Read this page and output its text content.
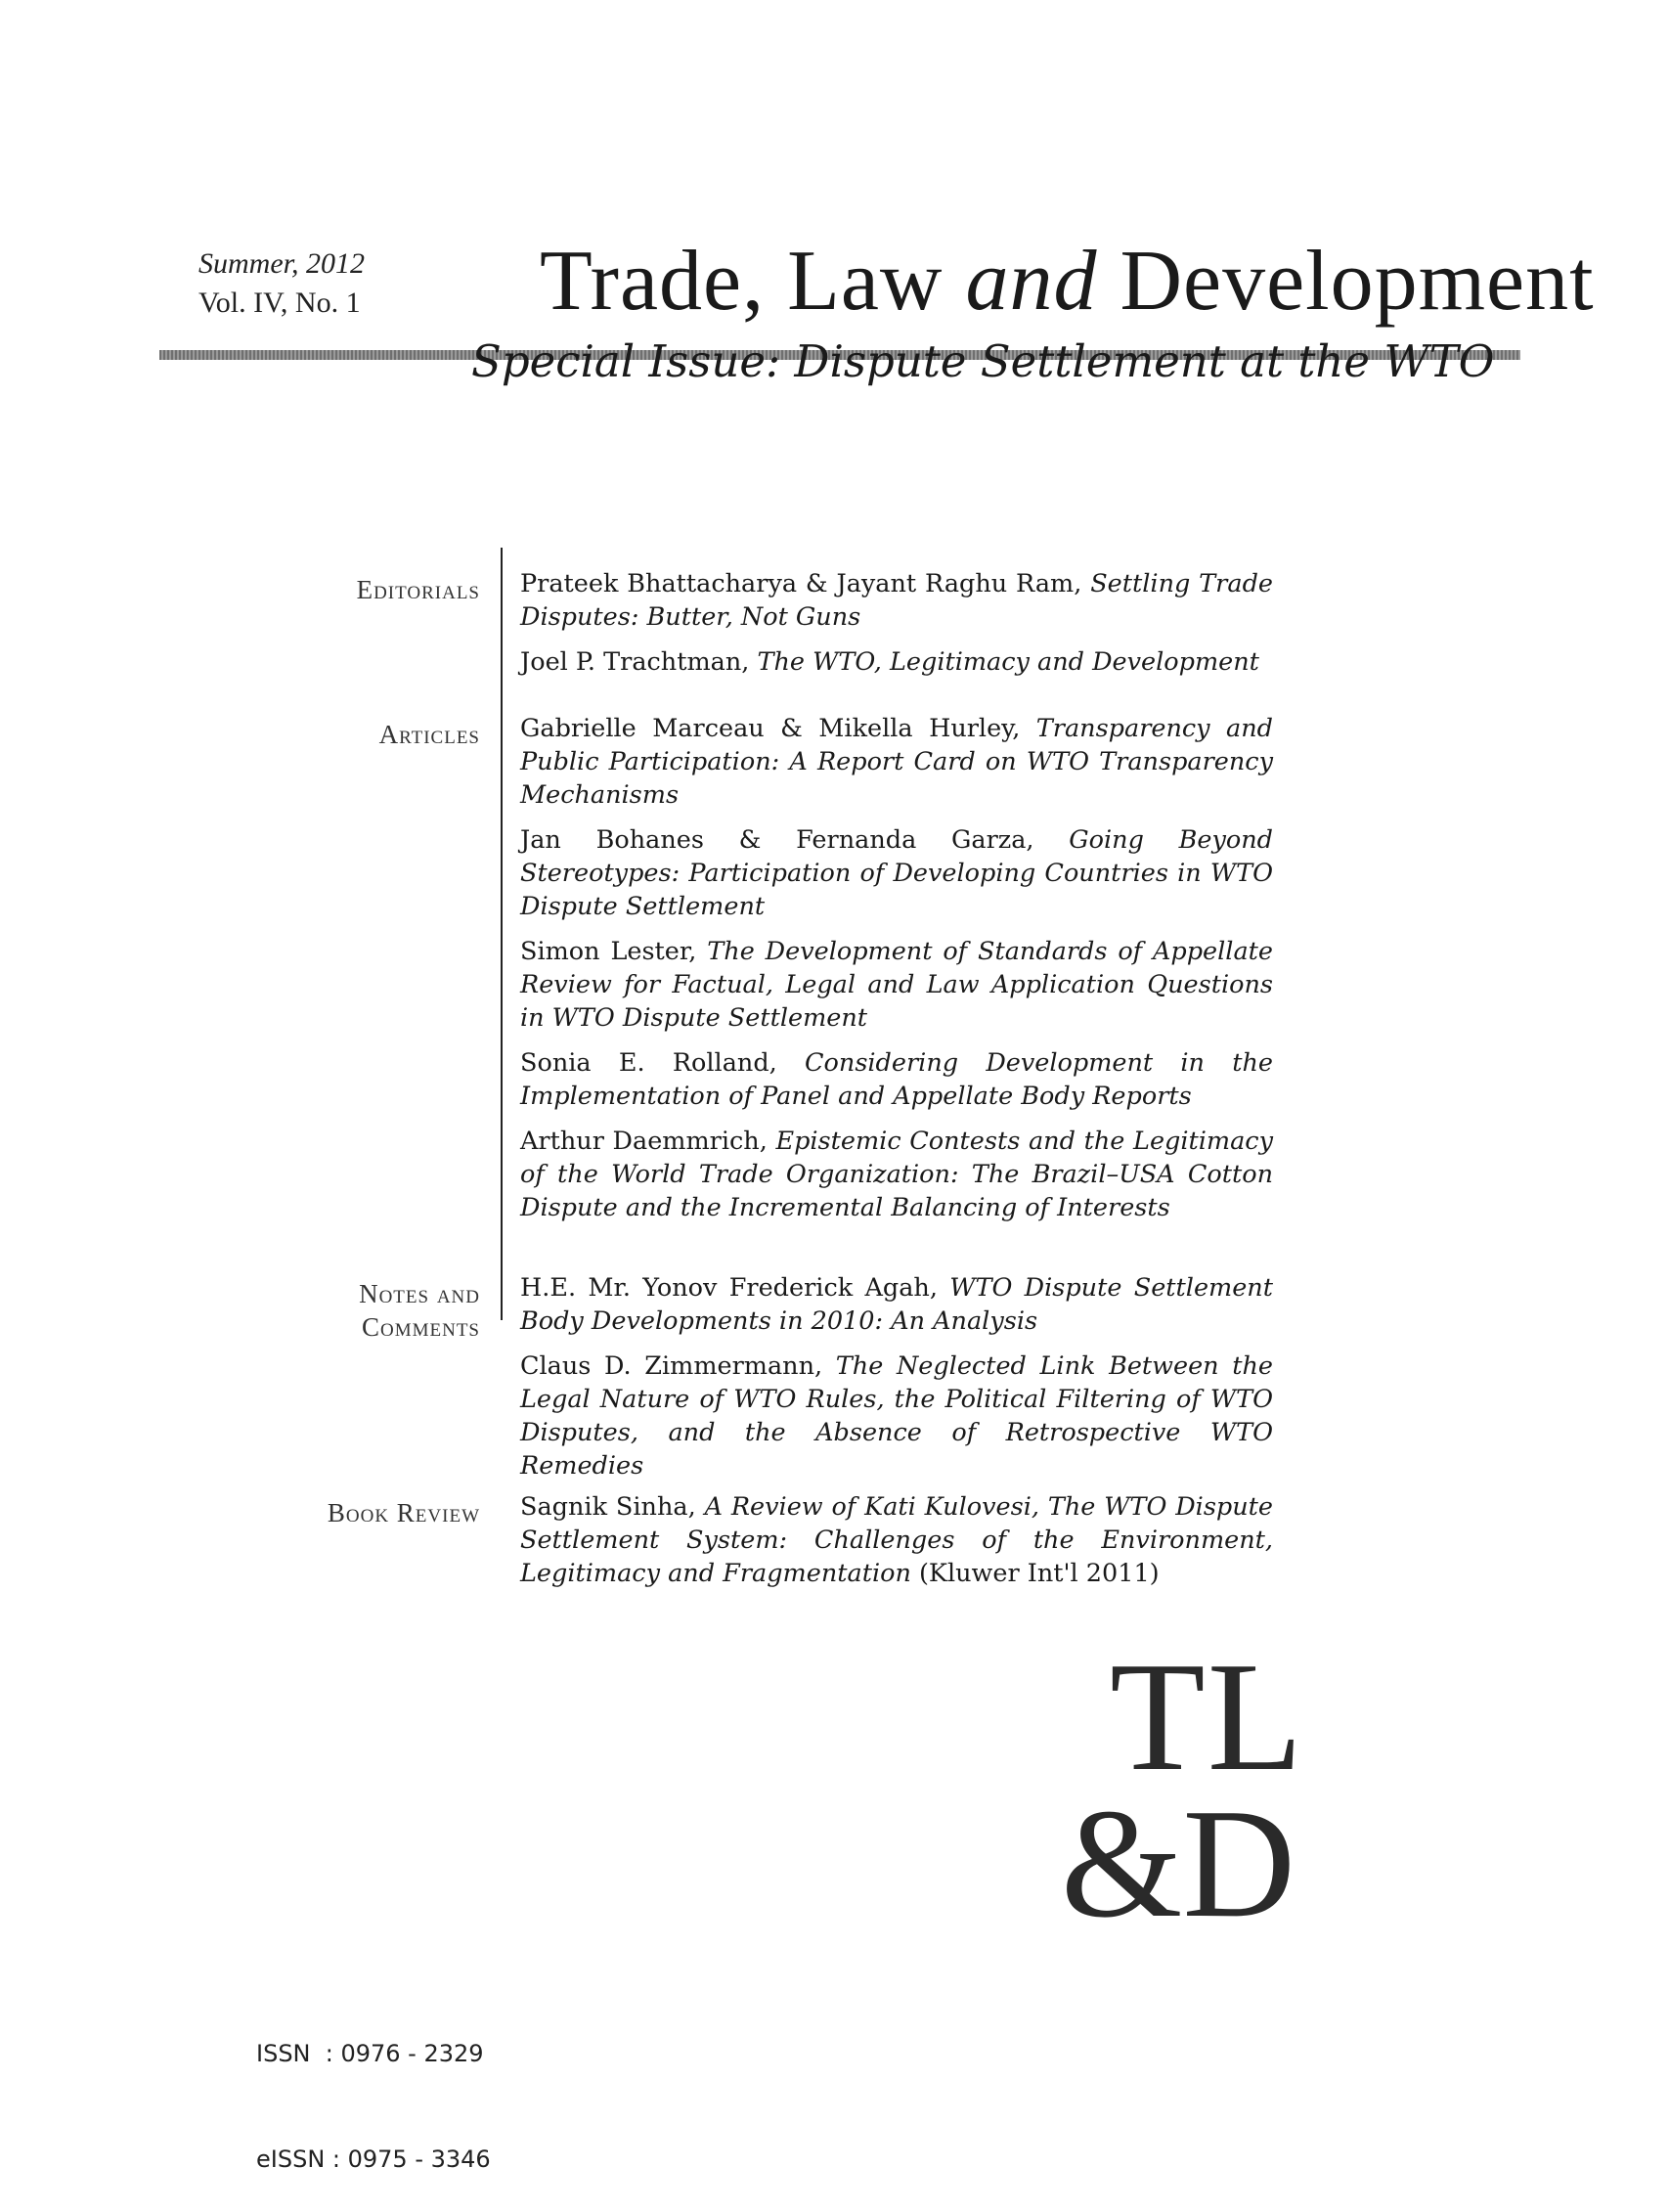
Summer, 2012
Vol. IV, No. 1 Trade, Law and Development
Special Issue: Dispute Settlement at the WTO
Editorials Prateek Bhattacharya & Jayant Raghu Ram, Settling Trade Disputes: Butter, Not Guns
Joel P. Trachtman, The WTO, Legitimacy and Development
Articles Gabrielle Marceau & Mikella Hurley, Transparency and Public Participation: A Report Card on WTO Transparency Mechanisms
Jan Bohanes & Fernanda Garza, Going Beyond Stereotypes: Participation of Developing Countries in WTO Dispute Settlement
Simon Lester, The Development of Standards of Appellate Review for Factual, Legal and Law Application Questions in WTO Dispute Settlement
Sonia E. Rolland, Considering Development in the Implementation of Panel and Appellate Body Reports
Arthur Daemmrich, Epistemic Contests and the Legitimacy of the World Trade Organization: The Brazil–USA Cotton Dispute and the Incremental Balancing of Interests
Notes and
Comments
H.E. Mr. Yonov Frederick Agah, WTO Dispute Settlement Body Developments in 2010: An Analysis
Claus D. Zimmermann, The Neglected Link Between the Legal Nature of WTO Rules, the Political Filtering of WTO Disputes, and the Absence of Retrospective WTO Remedies
Book Review Sagnik Sinha, A Review of Kati Kulovesi, The WTO Dispute Settlement System: Challenges of the Environment, Legitimacy and Fragmentation (Kluwer Int'l 2011)
TL
&D

ISSN  : 0976 - 2329

eISSN : 0975 - 3346
